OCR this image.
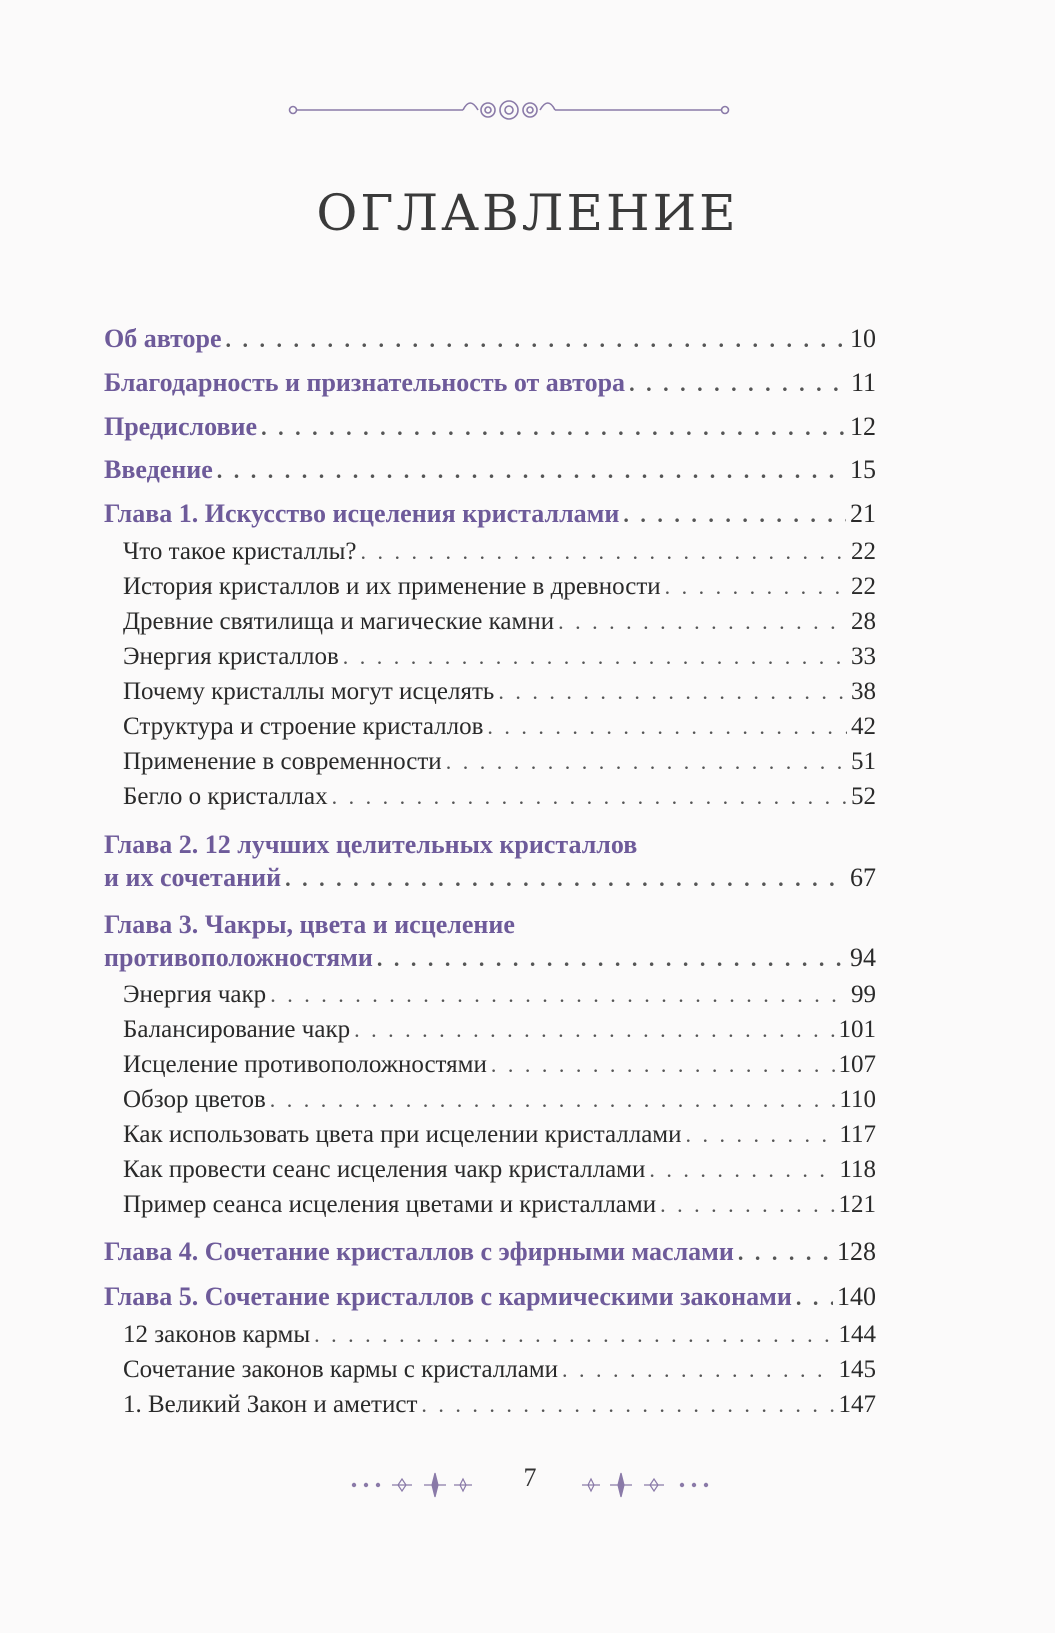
ОГЛАВЛЕНИЕ
Об авторе . . .	10
Благодарность и признательность от автора . . .	11
Предисловие . . .	12
Введение . . .	15
Глава 1. Искусство исцеления кристаллами . . .	21
Что такое кристаллы? . . .	22
История кристаллов и их применение в древности . . .	22
Древние святилища и магические камни . . .	28
Энергия кристаллов . . .	33
Почему кристаллы могут исцелять . . .	38
Структура и строение кристаллов . . .	42
Применение в современности . . .	51
Бегло о кристаллах . . .	52
Глава 2. 12 лучших целительных кристаллов
и их сочетаний . . .	67
Глава 3. Чакры, цвета и исцеление
противоположностями . . .	94
Энергия чакр . . .	99
Балансирование чакр . . .	101
Исцеление противоположностями . . .	107
Обзор цветов . . .	110
Как использовать цвета при исцелении кристаллами . . .	117
Как провести сеанс исцеления чакр кристаллами . . .	118
Пример сеанса исцеления цветами и кристаллами . . .	121
Глава 4. Сочетание кристаллов с эфирными маслами . . .	128
Глава 5. Сочетание кристаллов с кармическими законами . . . 140
12 законов кармы . . .	144
Сочетание законов кармы с кристаллами . . .	145
1. Великий Закон и аметист . . .	147
7
